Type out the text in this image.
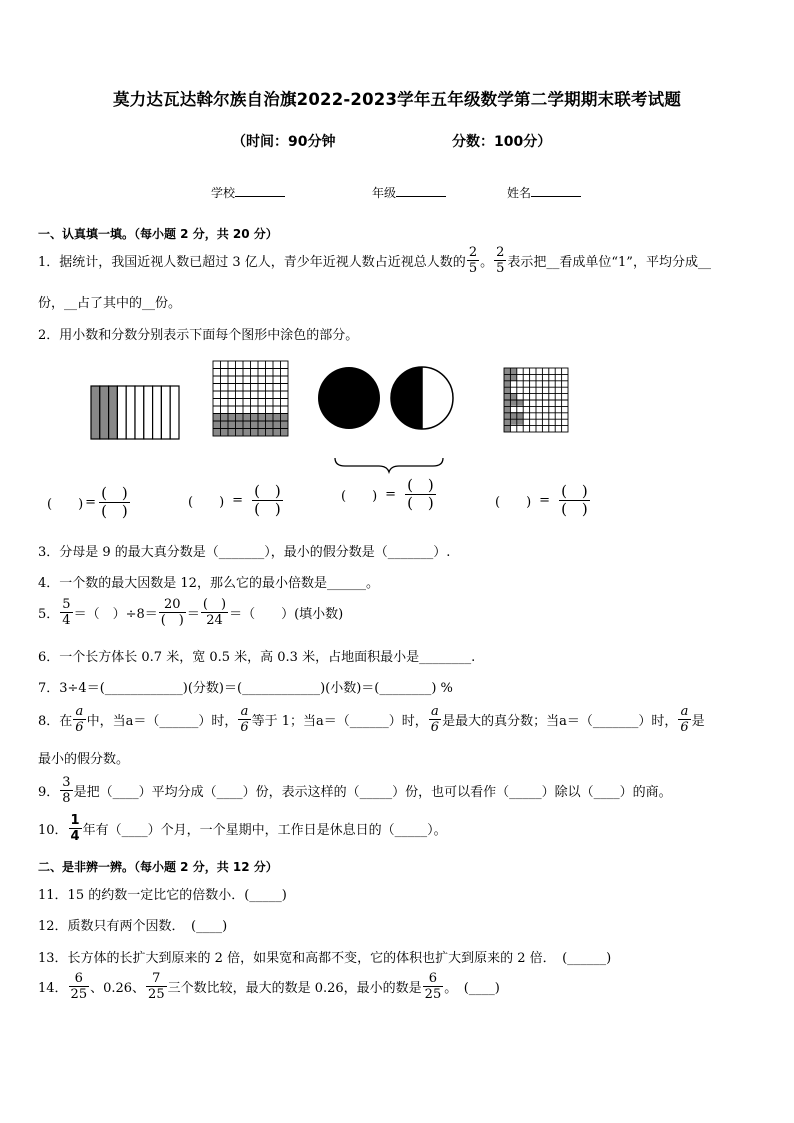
莫力达瓦达斡尔族自治旗2022-2023学年五年级数学第二学期期末联考试题
（时间：90分钟	分数：100分）
学校	年级	姓名
一、认真填一填。（每小题 2 分，共 20 分）
1．据统计，我国近视人数已超过 3 亿人，青少年近视人数占近视总人数的 $\frac{2}{5}$ 。 $\frac{2}{5}$ 表示把__看成单位“1”，平均分成__
份，__占了其中的__份。
2．用小数和分数分别表示下面每个图形中涂色的部分。
(　　) = $\frac{( )}{( )}$	(　　) = $\frac{( )}{( )}$	(　　) = $\frac{( )}{( )}$	(　　) = $\frac{( )}{( )}$
3．分母是 9 的最大真分数是（_______），最小的假分数是（_______）.
4．一个数的最大因数是 12，那么它的最小倍数是______。
5． $\frac{5}{4}$ ＝（　）$\div 8= \frac{20}{( )} = \frac{( )}{24}$ ＝（　　）(填小数)
6．一个长方体长 0.7 米，宽 0.5 米，高 0.3 米，占地面积最小是________.
7．3÷4＝(____________)(分数)＝(____________)(小数)＝(________) %
8．在 $\frac{a}{6}$ 中，当a＝（______）时， $\frac{a}{6}$ 等于 1；当a＝（______）时， $\frac{a}{6}$ 是最大的真分数；当a＝（_______）时， $\frac{a}{6}$ 是
最小的假分数。
9． $\frac{3}{8}$ 是把（____）平均分成（____）份，表示这样的（_____）份，也可以看作（_____）除以（____）的商。
10． $\frac{1}{4}$ 年有（____）个月，一个星期中，工作日是休息日的（_____）。
二、是非辨一辨。（每小题 2 分，共 12 分）
11．15 的约数一定比它的倍数小．(_____)
12．质数只有两个因数．　(____)
13．长方体的长扩大到原来的 2 倍，如果宽和高都不变，它的体积也扩大到原来的 2 倍．　(______)
14． $\frac{6}{25}$ 、0.26、 $\frac{7}{25}$ 三个数比较，最大的数是 0.26，最小的数是 $\frac{6}{25}$ 。　(____)
